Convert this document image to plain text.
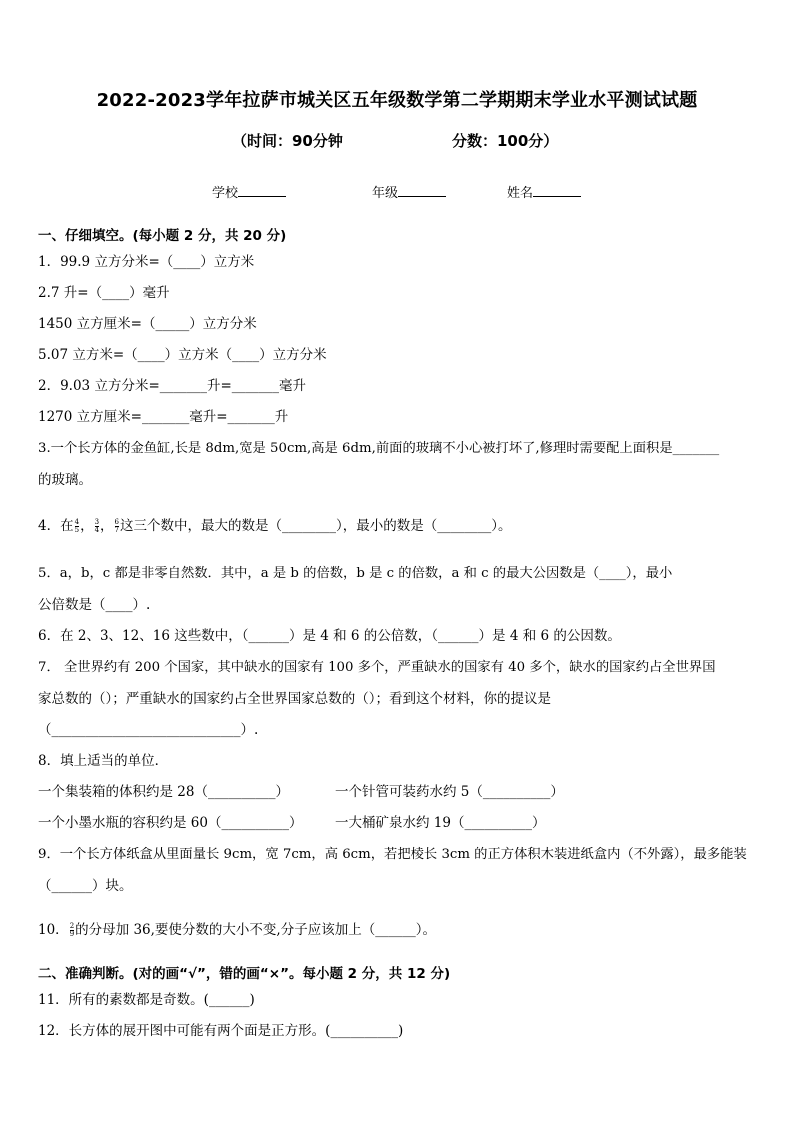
2022-2023学年拉萨市城关区五年级数学第二学期期末学业水平测试试题
（时间：90分钟	分数：100分）
学校	年级	姓名
一、仔细填空。(每小题 2 分，共 20 分)
1．99.9 立方分米=（____）立方米
2.7 升=（____）毫升
1450 立方厘米=（_____）立方分米
5.07 立方米=（____）立方米（____）立方分米
2．9.03 立方分米=_______升=_______毫升
1270 立方厘米=_______毫升=_______升
3.一个长方体的金鱼缸,长是 8dm,宽是 50cm,高是 6dm,前面的玻璃不小心被打坏了,修理时需要配上面积是_______
的玻璃。
4．在 $\frac{4}{5}$ ， $\frac{3}{4}$ ， $\frac{6}{7}$ 这三个数中，最大的数是（________），最小的数是（________）。
5．a，b，c 都是非零自然数．其中，a 是 b 的倍数，b 是 c 的倍数，a 和 c 的最大公因数是（____），最小
公倍数是（____）.
6．在 2、3、12、16 这些数中，（______）是 4 和 6 的公倍数，（______）是 4 和 6 的公因数。
7． 全世界约有 200 个国家，其中缺水的国家有 100 多个，严重缺水的国家有 40 多个，缺水的国家约占全世界国
家总数的（）；严重缺水的国家约占全世界国家总数的（）；看到这个材料，你的提议是
（____________________________）.
8．填上适当的单位．
一个集装箱的体积约是 28（__________）	一个针管可装药水约 5（__________）
一个小墨水瓶的容积约是 60（__________） 一大桶矿泉水约 19（__________）
9．一个长方体纸盒从里面量长 9cm，宽 7cm，高 6cm，若把棱长 3cm 的正方体积木装进纸盒内（不外露），最多能装
（______）块。
10． $\frac{2}{9}$ 的分母加 36,要使分数的大小不变,分子应该加上（______）。
二、准确判断。(对的画“√”，错的画“×”。每小题 2 分，共 12 分)
11．所有的素数都是奇数。(______)
12．长方体的展开图中可能有两个面是正方形。(__________)
